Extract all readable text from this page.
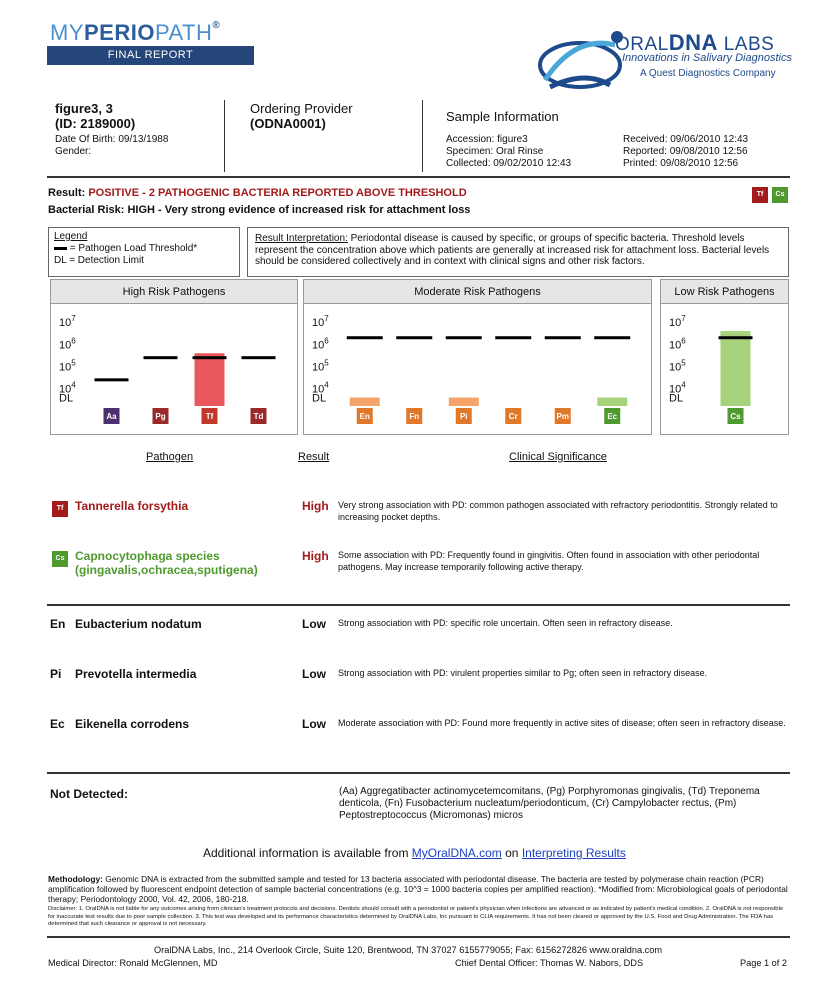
MYPERIOPATH®
FINAL REPORT	ORALDNA LABS
Innovations in Salivary Diagnostics
A Quest Diagnostics Company
figure3, 3
(ID: 2189000)
Date Of Birth: 09/13/1988
Gender:
Ordering Provider
(ODNA0001)	Sample Information
Accession: figure3
Specimen: Oral Rinse
Collected: 09/02/2010 12:43
Received: 09/06/2010 12:43
Reported: 09/08/2010 12:56
Printed: 09/08/2010 12:56
Result: POSITIVE - 2 PATHOGENIC BACTERIA REPORTED ABOVE THRESHOLD
Bacterial Risk: HIGH - Very strong evidence of increased risk for attachment loss
Tf	Cs
Legend
= Pathogen Load Threshold*
DL = Detection Limit
Result Interpretation: Periodontal disease is caused by specific, or groups of specific bacteria. Threshold levels represent the concentration above which patients are generally at increased risk for attachment loss. Bacterial levels should be considered collectively and in context with clinical signs and other risk factors.
High Risk Pathogens
$10^7$
$10^6$
$10^5$
$10^4$
DL
Aa	Pg	Tf	Td
Moderate Risk Pathogens
$10^7$
$10^6$
$10^5$
$10^4$
DL
En	Fn	Pi	Cr	Pm	Ec
Low Risk Pathogens
$10^7$
$10^6$
$10^5$
$10^4$
DL
Cs
Pathogen	Result	Clinical Significance
Tf Tannerella forsythia	High Very strong association with PD: common pathogen associated with refractory periodontitis. Strongly related to increasing pocket depths.
Cs Capnocytophaga species
(gingavalis,ochracea,sputigena)
High Some association with PD: Frequently found in gingivitis. Often found in association with other periodontal pathogens. May increase temporarily following active therapy.
En Eubacterium nodatum	Low Strong association with PD: specific role uncertain. Often seen in refractory disease.
Pi Prevotella intermedia	Low Strong association with PD: virulent properties similar to Pg; often seen in refractory disease.
Ec Eikenella corrodens	Low Moderate association with PD: Found more frequently in active sites of disease; often seen in refractory disease.
Not Detected:	(Aa) Aggregatibacter actinomycetemcomitans, (Pg) Porphyromonas gingivalis, (Td) Treponema denticola, (Fn) Fusobacterium nucleatum/periodonticum, (Cr) Campylobacter rectus, (Pm) Peptostreptococcus (Micromonas) micros
Additional information is available from MyOralDNA.com on Interpreting Results
Methodology: Genomic DNA is extracted from the submitted sample and tested for 13 bacteria associated with periodontal disease. The bacteria are tested by polymerase chain reaction (PCR) amplification followed by fluorescent endpoint detection of sample bacterial concentrations (e.g. 10^3 = 1000 bacteria copies per amplified reaction). *Modified from: Microbiological goals of periodontal therapy; Periodontology 2000, Vol. 42, 2006, 180-218.
Disclaimer: 1. OralDNA is not liable for any outcomes arising from clinician's treatment protocols and decisions. Dentists should consult with a periodontist or patient's physician when infections are advanced or as indicated by patient's medical condition. 2. OralDNA is not responsible for inaccurate test results due to poor sample collection. 3. This test was developed and its performance characteristics determined by OralDNA Labs, Inc pursuant to CLIA requirements. It has not been cleared or approved by the U.S. Food and Drug Administration. The FDA has determined that such clearance or approval is not necessary.
OralDNA Labs, Inc., 214 Overlook Circle, Suite 120, Brentwood, TN 37027 6155779055; Fax: 6156272826 www.oraldna.com
Medical Director: Ronald McGlennen, MD	Chief Dental Officer: Thomas W. Nabors, DDS	Page 1 of 2
